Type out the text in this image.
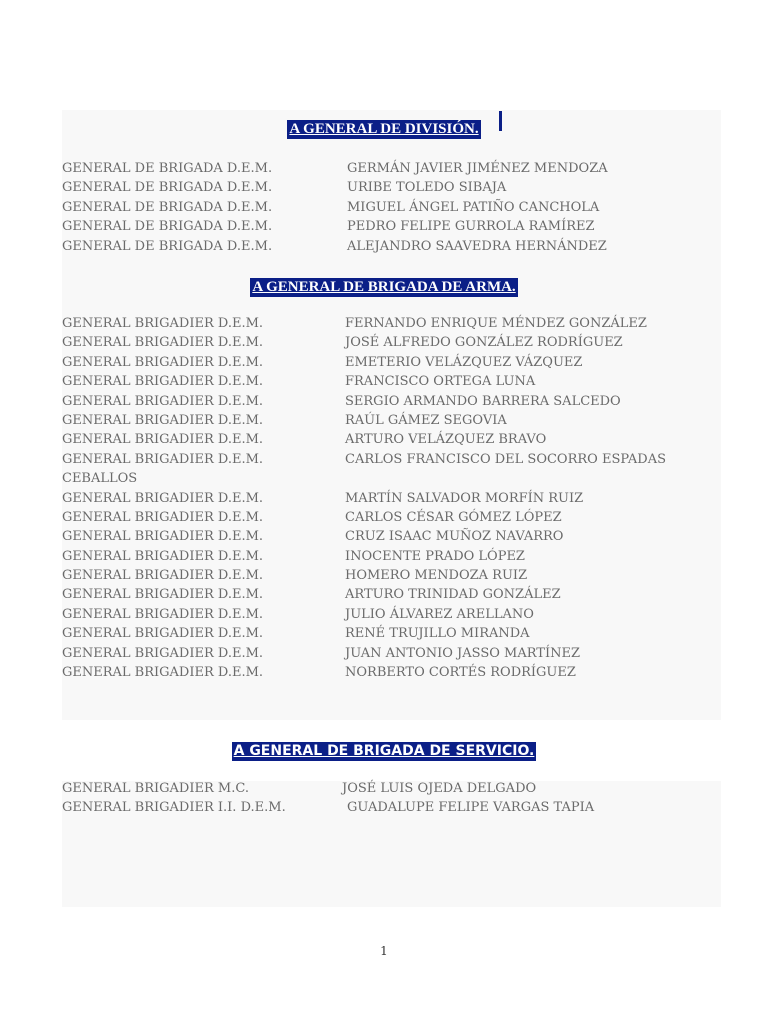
A GENERAL DE DIVISIÓN.
GENERAL DE BRIGADA D.E.M.	GERMÁN JAVIER JIMÉNEZ MENDOZA
GENERAL DE BRIGADA D.E.M.	URIBE TOLEDO SIBAJA
GENERAL DE BRIGADA D.E.M.	MIGUEL ÁNGEL PATIÑO CANCHOLA
GENERAL DE BRIGADA D.E.M.	PEDRO FELIPE GURROLA RAMÍREZ
GENERAL DE BRIGADA D.E.M.	ALEJANDRO SAAVEDRA HERNÁNDEZ
A GENERAL DE BRIGADA DE ARMA.
GENERAL BRIGADIER D.E.M.	FERNANDO ENRIQUE MÉNDEZ GONZÁLEZ
GENERAL BRIGADIER D.E.M.	JOSÉ ALFREDO GONZÁLEZ RODRÍGUEZ
GENERAL BRIGADIER D.E.M.	EMETERIO VELÁZQUEZ VÁZQUEZ
GENERAL BRIGADIER D.E.M.	FRANCISCO ORTEGA LUNA
GENERAL BRIGADIER D.E.M.	SERGIO ARMANDO BARRERA SALCEDO
GENERAL BRIGADIER D.E.M.	RAÚL GÁMEZ SEGOVIA
GENERAL BRIGADIER D.E.M.	ARTURO VELÁZQUEZ BRAVO
GENERAL BRIGADIER D.E.M.	CARLOS FRANCISCO DEL SOCORRO ESPADAS
CEBALLOS
GENERAL BRIGADIER D.E.M.	MARTÍN SALVADOR MORFÍN RUIZ
GENERAL BRIGADIER D.E.M.	CARLOS CÉSAR GÓMEZ LÓPEZ
GENERAL BRIGADIER D.E.M.	CRUZ ISAAC MUÑOZ NAVARRO
GENERAL BRIGADIER D.E.M.	INOCENTE PRADO LÓPEZ
GENERAL BRIGADIER D.E.M.	HOMERO MENDOZA RUIZ
GENERAL BRIGADIER D.E.M.	ARTURO TRINIDAD GONZÁLEZ
GENERAL BRIGADIER D.E.M.	JULIO ÁLVAREZ ARELLANO
GENERAL BRIGADIER D.E.M.	RENÉ TRUJILLO MIRANDA
GENERAL BRIGADIER D.E.M.	JUAN ANTONIO JASSO MARTÍNEZ
GENERAL BRIGADIER D.E.M.	NORBERTO CORTÉS RODRÍGUEZ
A GENERAL DE BRIGADA DE SERVICIO.
GENERAL BRIGADIER M.C.	JOSÉ LUIS OJEDA DELGADO
GENERAL BRIGADIER I.I. D.E.M.	GUADALUPE FELIPE VARGAS TAPIA
1
